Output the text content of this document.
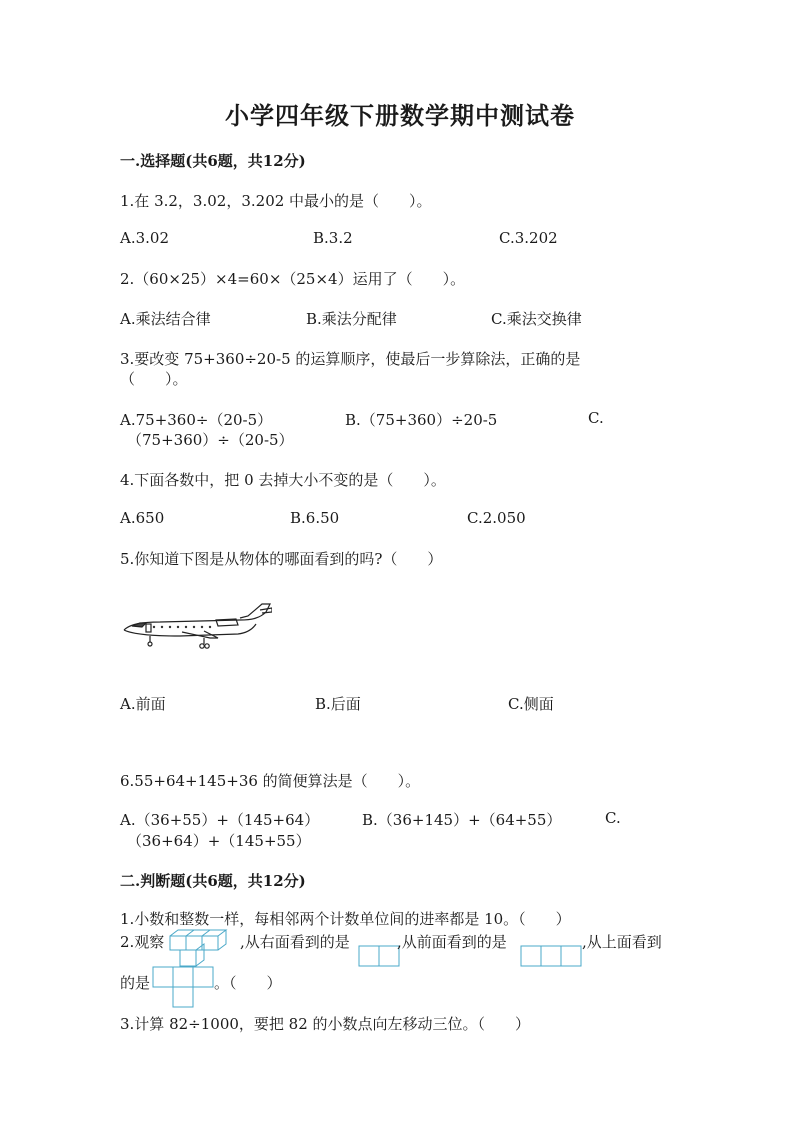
小学四年级下册数学期中测试卷
一.选择题(共6题，共12分)
1.在 3.2，3.02，3.202 中最小的是（　　）。
A.3.02	B.3.2	C.3.202
2.（60×25）×4=60×（25×4）运用了（　　）。
A.乘法结合律	B.乘法分配律	C.乘法交换律
3.要改变 75+360÷20-5 的运算顺序，使最后一步算除法，正确的是
（　　）。
A.75+360÷（20-5）	B.（75+360）÷20-5	C.
（75+360）÷（20-5）
4.下面各数中，把 0 去掉大小不变的是（　　）。
A.650	B.6.50	C.2.050
5.你知道下图是从物体的哪面看到的吗?（　　）
A.前面	B.后面	C.侧面
6.55+64+145+36 的简便算法是（　　）。
A.（36+55）+（145+64）	B.（36+145）+（64+55）	C.
（36+64）+（145+55）
二.判断题(共6题，共12分)
1.小数和整数一样，每相邻两个计数单位间的进率都是 10。（　　）
2.观察	,从右面看到的是	,从前面看到的是	,从上面看到
的是	。（　　）
3.计算 82÷1000，要把 82 的小数点向左移动三位。（　　）
